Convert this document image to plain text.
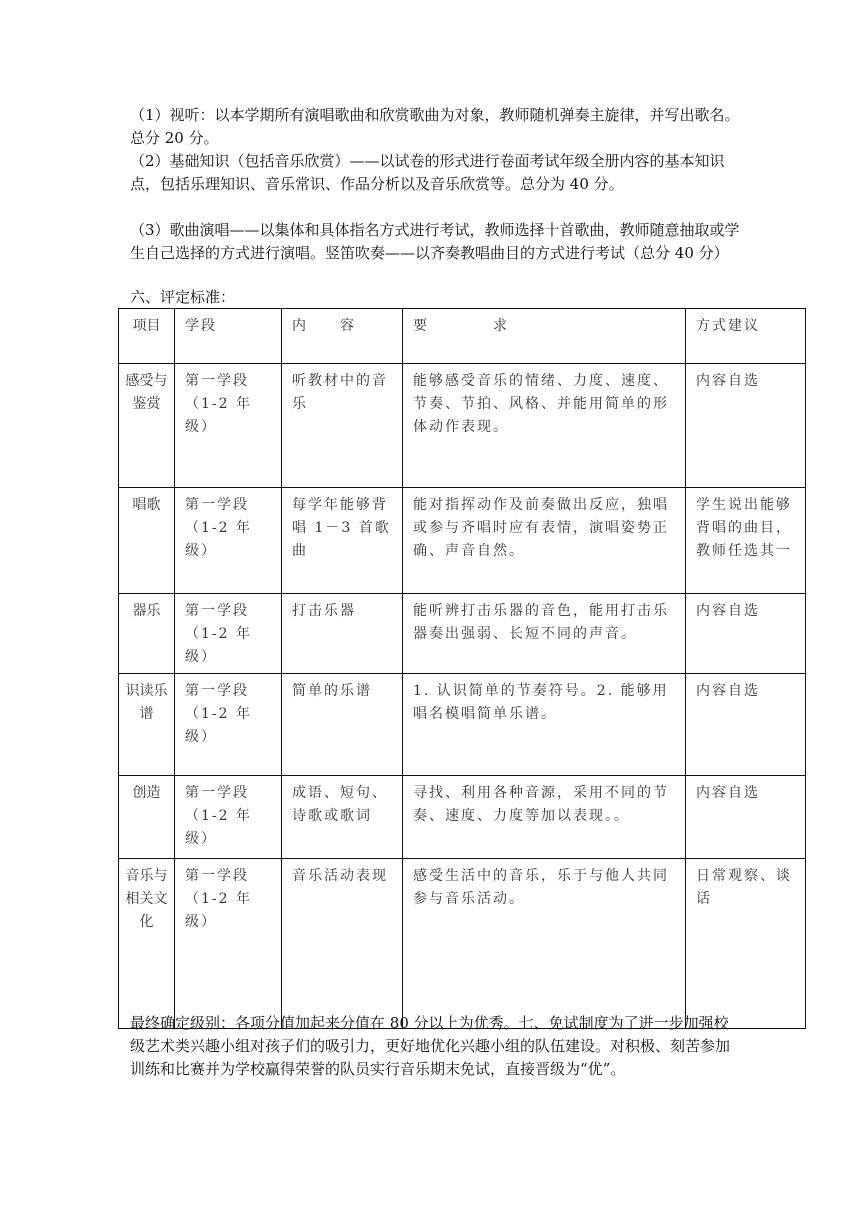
（1）视听：以本学期所有演唱歌曲和欣赏歌曲为对象，教师随机弹奏主旋律，并写出歌名。总分 20 分。
（2）基础知识（包括音乐欣赏）——以试卷的形式进行卷面考试年级全册内容的基本知识点，包括乐理知识、音乐常识、作品分析以及音乐欣赏等。总分为 40 分。
（3）歌曲演唱——以集体和具体指名方式进行考试，教师选择十首歌曲，教师随意抽取或学生自己选择的方式进行演唱。竖笛吹奏——以齐奏教唱曲目的方式进行考试（总分 40 分）
六、评定标准：
项目	学段	内　　容	要　　　　求	方式建议
感受与鉴赏	第一学段（1-2 年级）	听教材中的音乐	能够感受音乐的情绪、力度、速度、节奏、节拍、风格、并能用简单的形体动作表现。	内容自选
唱歌	第一学段（1-2 年级）	每学年能够背唱 1－3 首歌曲	能对指挥动作及前奏做出反应，独唱或参与齐唱时应有表情，演唱姿势正确、声音自然。	学生说出能够背唱的曲目，教师任选其一
器乐	第一学段（1-2 年级）	打击乐器	能听辨打击乐器的音色，能用打击乐器奏出强弱、长短不同的声音。	内容自选
识读乐谱	第一学段（1-2 年级）	简单的乐谱	1. 认识简单的节奏符号。2. 能够用唱名模唱简单乐谱。	内容自选
创造	第一学段（1-2 年级）	成语、短句、诗歌或歌词	寻找、利用各种音源，采用不同的节奏、速度、力度等加以表现。。	内容自选
音乐与相关文化	第一学段（1-2 年级）	音乐活动表现	感受生活中的音乐，乐于与他人共同参与音乐活动。	日常观察、谈话
最终确定级别：各项分值加起来分值在 80 分以上为优秀。七、免试制度为了进一步加强校级艺术类兴趣小组对孩子们的吸引力，更好地优化兴趣小组的队伍建设。对积极、刻苦参加训练和比赛并为学校赢得荣誉的队员实行音乐期末免试，直接晋级为“优”。
